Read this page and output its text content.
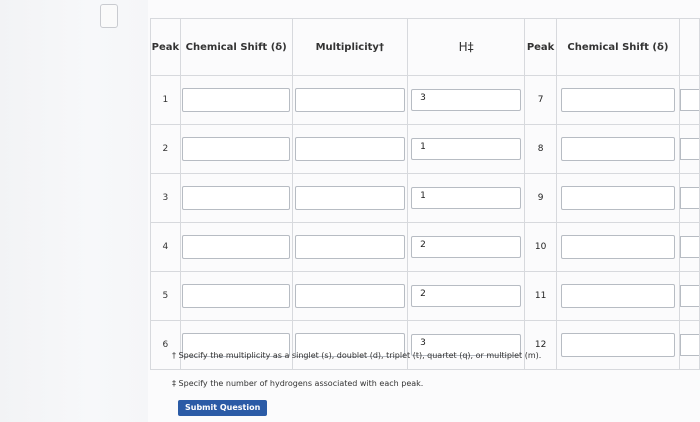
Peak	Chemical Shift (δ)	Multiplicity†	H‡	Peak	Chemical Shift (δ)	
1			3	7	

2			1	8	

3			1	9	

4			2	10	

5			2	11	

6			3	12	

† Specify the multiplicity as a singlet (s), doublet (d), triplet (t), quartet (q), or multiplet (m).
‡ Specify the number of hydrogens associated with each peak.
Submit Question
